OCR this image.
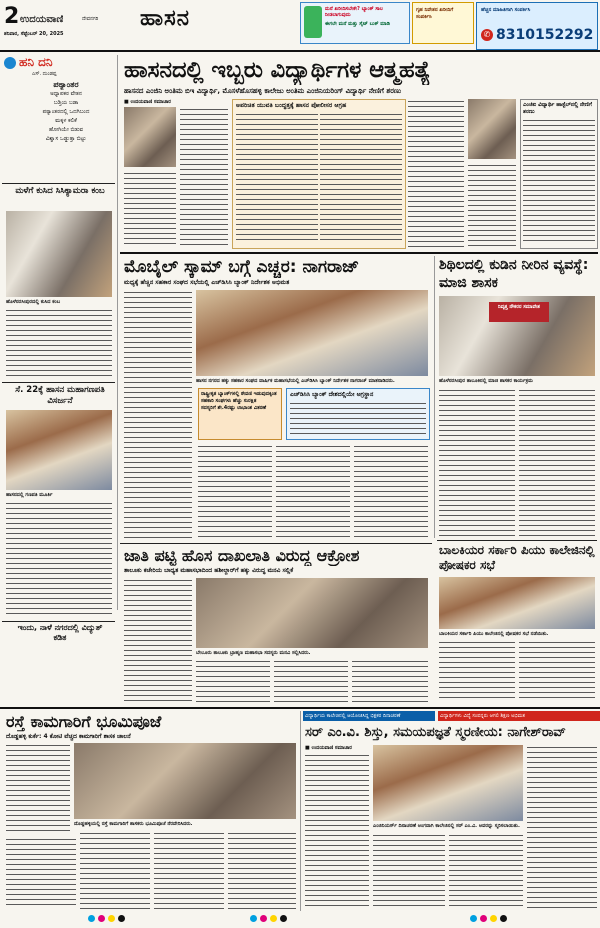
2 ಉದಯವಾಣಿ	ದೇವನಗರಿ
ಶನಿವಾರ, ಸೆಪ್ಟೆಂಬರ್ 20, 2025
ಹಾಸನ	ಮನೆ ಖರೀದಿಸಬೇಕೇ? ಬ್ಯಾಂಕ್ ಸಾಲ ನೀಡಲಾಗುವುದು
ಈಗಲೇ ಮನೆ ಮತ್ತು ಸೈಟ್ ಬುಕ್ ಮಾಡಿ
ಗೃಹ ನಿವೇಶನ ಖರೀದಿಗೆ ಸಂಪರ್ಕಿಸಿ
ಹೆಚ್ಚಿನ ಮಾಹಿತಿಗಾಗಿ ಸಂಪರ್ಕಿಸಿ
✆ 8310152292
ಹನಿ ದನಿ
ಎಸ್. ದುಂಡಪ್ಪ
ಪಠ್ಯಾಂತರ
ಅಧ್ಯಾಪಕರ ವೇತನ
ಬಡ್ತಿಯ ಬಡಾ
ಪಠ್ಯಾಂತರದಲ್ಲಿ ಒದಗಿಬಂದ
ಮಕ್ಕಳ ಕಲಿಕೆ
ಹೋಗಿಯೇ ಬಿಡುವ
ವಿಶ್ವಾಸ ಒಡ್ಡುತ್ತಾ ಬಿಟ್ಟು
ಮಳೆಗೆ ಕುಸಿದ ಸಿಸಿಕ್ಯಾಮರಾ ಕಂಬ
ಹೊಳೆನರಸೀಪುರದಲ್ಲಿ ಕುಸಿದ ಕಂಬ
ಸೆ. 22ಕ್ಕೆ ಹಾಸನ ಮಹಾಗಣಪತಿ ವಿಸರ್ಜನೆ
ಹಾಸನದಲ್ಲಿ ಗಣಪತಿ ಮೂರ್ತಿ
ಇಂದು, ನಾಳೆ ನಗರದಲ್ಲಿ ವಿದ್ಯುತ್ ಕಡಿತ
ಹಾಸನದಲ್ಲಿ ಇಬ್ಬರು ವಿದ್ಯಾರ್ಥಿಗಳ ಆತ್ಮಹತ್ಯೆ
ಹಾಸನದ ಎಂಜಿನಿ ಅಂತಿಮ ಬಿಇ ವಿದ್ಯಾರ್ಥಿ, ಮೊಸಳೆಹೊಸಹಳ್ಳಿ ಕಾಲೇಜು ಅಂತಿಮ ಎಂಜಿನಿಯರಿಂಗ್ ವಿದ್ಯಾರ್ಥಿ ನೇಣಿಗೆ ಶರಣು
■ ಉದಯವಾಣಿ ಸಮಾಚಾರ	ಅಪರಿಚಿತ ಯುವತಿ ಬಂದ್ಧತ್ತಕ್ಕೆ ಹಾಸನ ಪೋಲೀಸರ ಆಗ್ರಹ	ಎಂಜಿಐ ವಿದ್ಯಾರ್ಥಿ ಹಾಸ್ಟೆಲ್‌ನಲ್ಲಿ ನೇಣಿಗೆ ಶರಣು
ಮೊಬೈಲ್ ಸ್ಕಾಮ್ ಬಗ್ಗೆ ಎಚ್ಚರ: ನಾಗರಾಜ್
ಮಧ್ಯಕ್ಕೆ ಹೆಚ್ಚಿನ ಸಹಕಾರ ಸಂಘದ ಸಭೆಯಲ್ಲಿ ಎಚ್‌ಡಿಸಿಸಿ ಬ್ಯಾಂಕ್ ನಿರ್ದೇಶಕ ಅಭಿಮತ
ಹಾಸನ ನಗರದ ಹಕ್ಕು ಸಹಕಾರ ಸಂಘದ ವಾರ್ಷಿಕ ಮಹಾಸಭೆಯಲ್ಲಿ ಎಚ್‌ಡಿಸಿಸಿ ಬ್ಯಾಂಕ್ ನಿರ್ದೇಶಕ ನಾಗರಾಜ್ ಮಾತನಾಡಿದರು.
ರಾಷ್ಟ್ರೀಕೃತ ಬ್ಯಾಂಕ್‌ಗಳಲ್ಲಿ ಠೇವಣಿ ಇಡುವುದಕ್ಕಿಂತ
ಸಹಕಾರಿ ಸಂಘಗಳು ಹೆಚ್ಚು ಸುರಕ್ಷಿತ
ಸದಸ್ಯರಿಗೆ ಶೇ.4ರಷ್ಟು ಲಾಭಾಂಶ ವಿತರಣೆ
ಎಚ್‌ಡಿಸಿಸಿ ಬ್ಯಾಂಕ್ ದೇಶದಲ್ಲಿಯೇ ಅಗ್ರಸ್ಥಾನ
ಶಿಥಿಲದಲ್ಲಿ ಕುಡಿನ ನೀರಿನ ವ್ಯವಸ್ಥೆ: ಮಾಜಿ ಶಾಸಕ
ನಿವೃತ್ತ ನೌಕರರ ಸಮಾವೇಶ
ಹೊಳೆನರಸೀಪುರ ತಾಲೂಕಿನಲ್ಲಿ ಮಾಜಿ ಶಾಸಕರ ಕಾರ್ಯಕ್ರಮ
ಜಾತಿ ಪಟ್ಟಿ ಹೊಸ ದಾಖಲಾತಿ ವಿರುದ್ಧ ಆಕ್ರೋಶ
ತಾಲೂಕು ಕಚೇರಿಯ ಬಾಧ್ಯತ ಮಹಾಸಭಾದಿಂದ ಹಶೀಲ್ದಾರ್‌ಗೆ ಹಕ್ಕು ವಿರುದ್ಧ ಮನವಿ ಸಲ್ಲಿಕೆ
ಬೇಲೂರು ತಾಲೂಕು ಬ್ರಾಹ್ಮಣ ಮಹಾಸಭಾ ಸದಸ್ಯರು ಮನವಿ ಸಲ್ಲಿಸಿದರು.
ಬಾಲಕಿಯರ ಸರ್ಕಾರಿ ಪಿಯು ಕಾಲೇಜಿನಲ್ಲಿ ಪೋಷಕರ ಸಭೆ
ಬಾಲಕಿಯರ ಸರ್ಕಾರಿ ಪಿಯು ಕಾಲೇಜಿನಲ್ಲಿ ಪೋಷಕರ ಸಭೆ ನಡೆಯಿತು.
ರಸ್ತೆ ಕಾಮಗಾರಿಗೆ ಭೂಮಿಪೂಜೆ
ದೊಡ್ಡಹಳ್ಳಿ ಕುರ್ಕೆ: 4 ಕೋಟಿ ವೆಚ್ಚದ ಕಾಮಗಾರಿಗೆ ಶಾಸಕ ಚಾಲನೆ
ದೊಡ್ಡಹಳ್ಳಿಯಲ್ಲಿ ರಸ್ತೆ ಕಾಮಗಾರಿಗೆ ಶಾಸಕರು ಭೂಮಿಪೂಜೆ ನೆರವೇರಿಸಿದರು.
ವಿದ್ಯಾರ್ಥಿಯ ಕಾಲೇಜಿನಲ್ಲಿ ಆಯೋಜಿಸಿದ್ದ ಭಿಕ್ಷಕರ ದಿನಾಚರಣೆ	ವಿದ್ಯಾರ್ಥಿಗಳು ವಿದ್ಯೆ ಸಂಪನ್ನರು ಆಗಲಿ ಶಿಕ್ಷಣ ಅಭಿಮತ
ಸರ್ ಎಂ.ವಿ. ಶಿಸ್ತು, ಸಮಯಪಜ್ಞತೆ ಸ್ಮರಣೀಯ: ನಾಗೇಶ್‌ರಾವ್
■ ಉದಯವಾಣಿ ಸಮಾಚಾರ
ಎಂಜಿನಿಯರ್ಸ್ ದಿನಾಚರಣೆ ಅಂಗವಾಗಿ ಕಾಲೇಜಿನಲ್ಲಿ ಸರ್ ಎಂ.ವಿ. ಅವರನ್ನು ಸ್ಮರಿಸಲಾಯಿತು.
